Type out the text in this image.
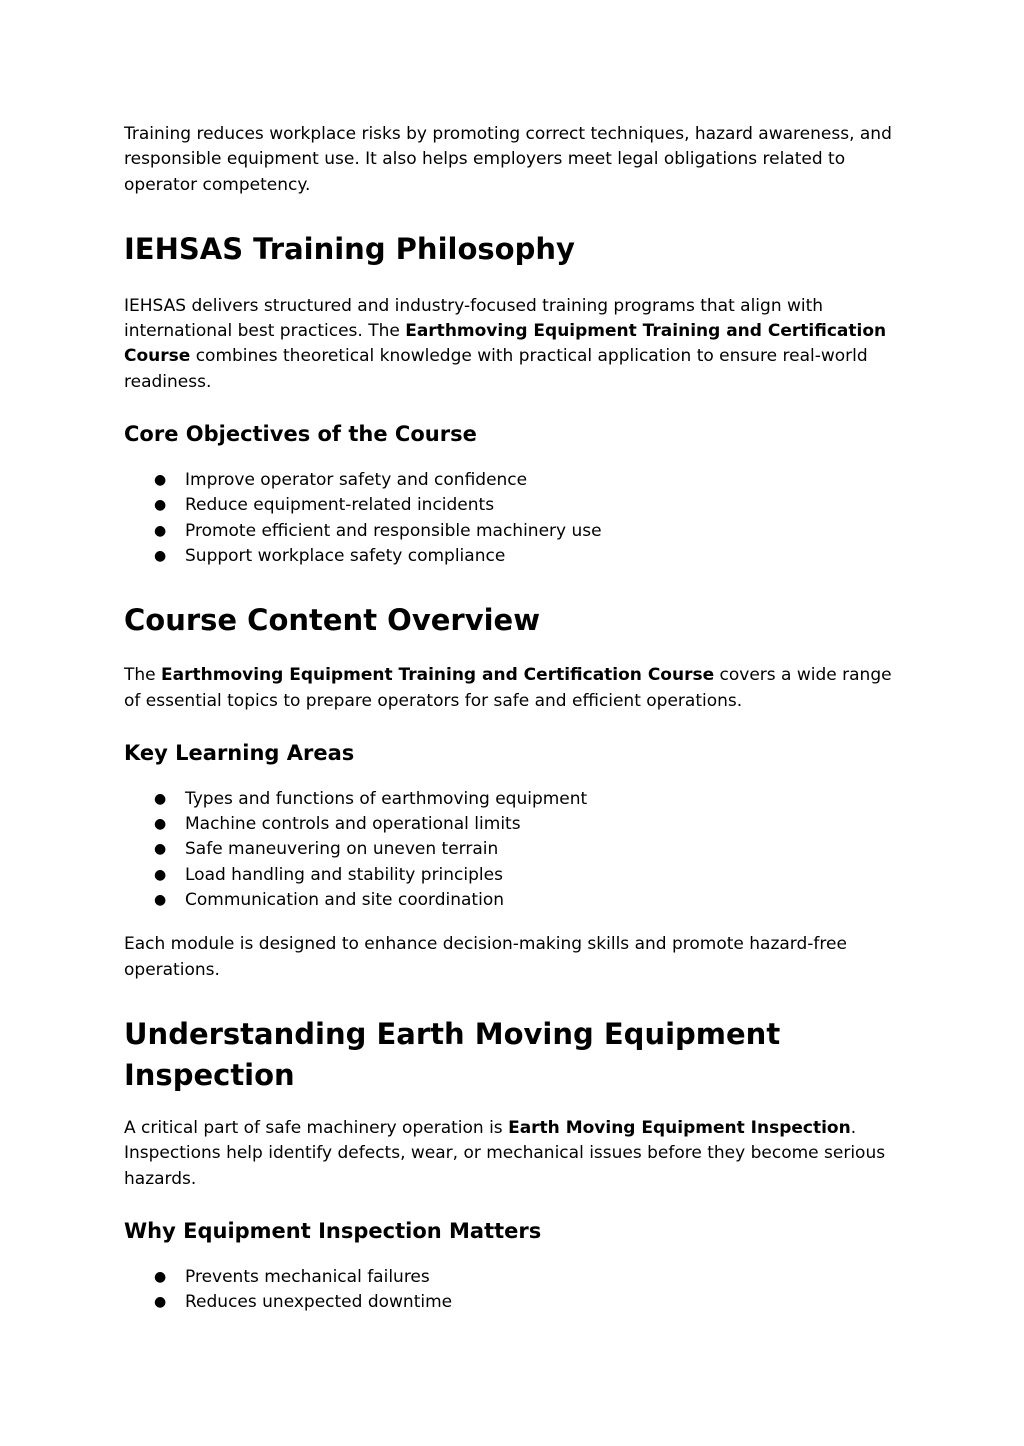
Training reduces workplace risks by promoting correct techniques, hazard awareness, and responsible equipment use. It also helps employers meet legal obligations related to operator competency.

IEHSAS Training Philosophy

IEHSAS delivers structured and industry-focused training programs that align with international best practices. The Earthmoving Equipment Training and Certification Course combines theoretical knowledge with practical application to ensure real-world readiness.

Core Objectives of the Course
● Improve operator safety and confidence
● Reduce equipment-related incidents
● Promote efficient and responsible machinery use
● Support workplace safety compliance
Course Content Overview

The Earthmoving Equipment Training and Certification Course covers a wide range of essential topics to prepare operators for safe and efficient operations.

Key Learning Areas
● Types and functions of earthmoving equipment
● Machine controls and operational limits
● Safe maneuvering on uneven terrain
● Load handling and stability principles
● Communication and site coordination

Each module is designed to enhance decision-making skills and promote hazard-free operations.

Understanding Earth Moving Equipment Inspection

A critical part of safe machinery operation is Earth Moving Equipment Inspection. Inspections help identify defects, wear, or mechanical issues before they become serious hazards.

Why Equipment Inspection Matters
● Prevents mechanical failures
● Reduces unexpected downtime
